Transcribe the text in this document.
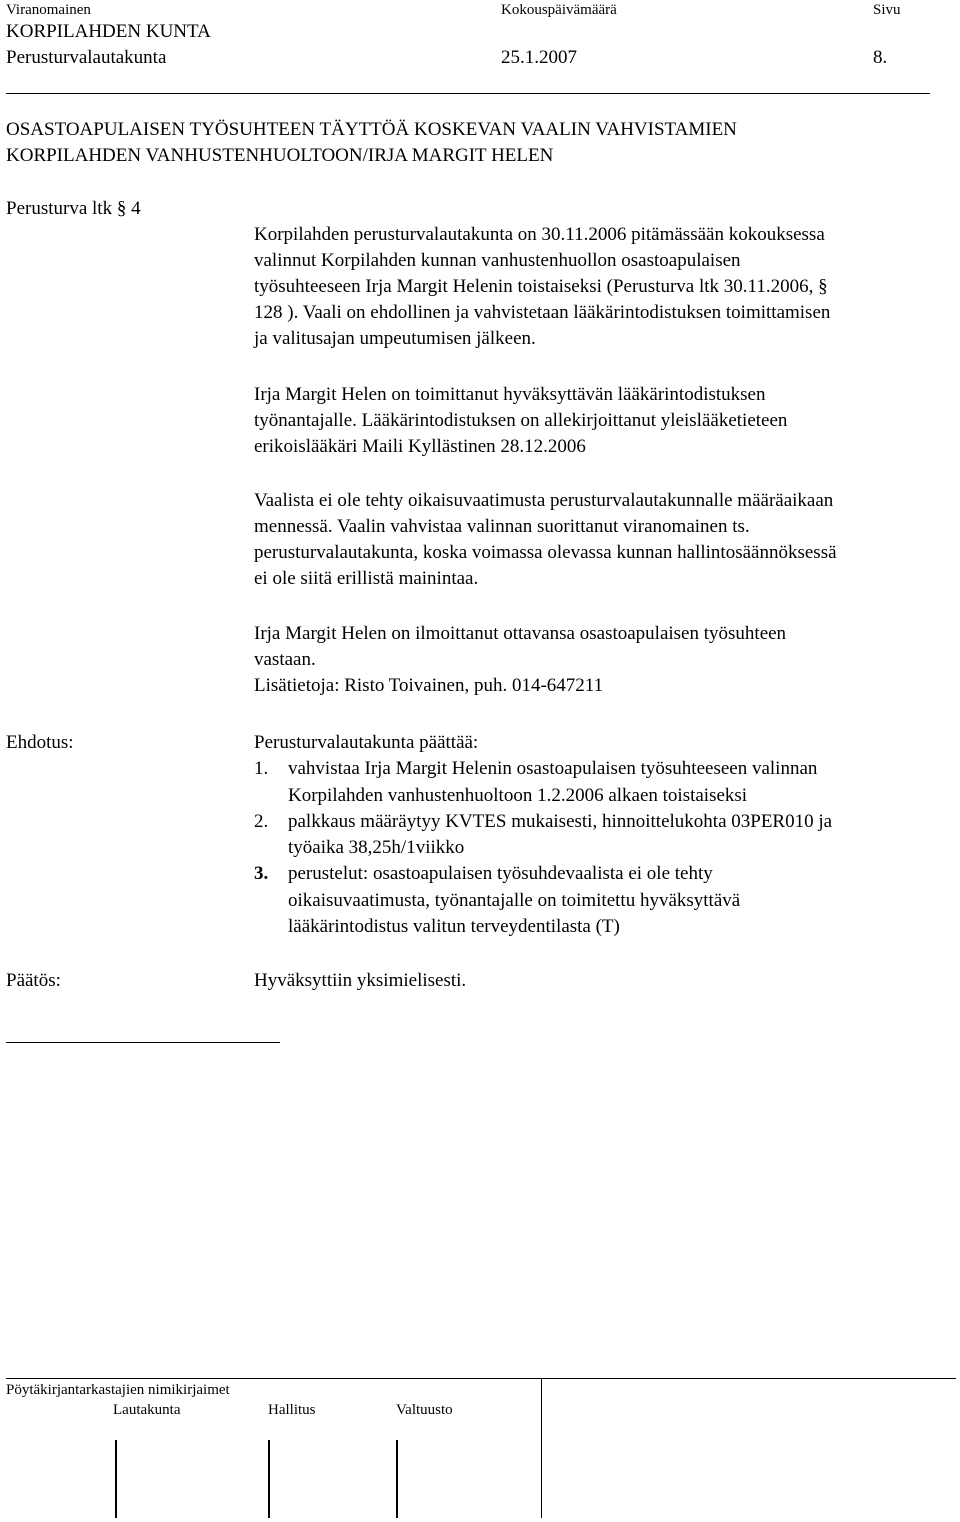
Viranomainen	Kokouspäivämäärä	Sivu
KORPILAHDEN KUNTA
Perusturvalautakunta	25.1.2007	8.
OSASTOAPULAISEN TYÖSUHTEEN TÄYTTÖÄ KOSKEVAN VAALIN VAHVISTAMIEN
KORPILAHDEN VANHUSTENHUOLTOON/IRJA MARGIT HELEN
Perusturva ltk § 4
Korpilahden perusturvalautakunta on 30.11.2006 pitämässään kokouksessa
valinnut Korpilahden kunnan vanhustenhuollon osastoapulaisen
työsuhteeseen Irja Margit Helenin toistaiseksi (Perusturva ltk 30.11.2006, §
128 ). Vaali on ehdollinen ja vahvistetaan lääkärintodistuksen toimittamisen
ja valitusajan umpeutumisen jälkeen.
Irja Margit Helen on toimittanut hyväksyttävän lääkärintodistuksen
työnantajalle. Lääkärintodistuksen on allekirjoittanut yleislääketieteen
erikoislääkäri Maili Kyllästinen 28.12.2006
Vaalista ei ole tehty oikaisuvaatimusta perusturvalautakunnalle määräaikaan
mennessä. Vaalin vahvistaa valinnan suorittanut viranomainen ts.
perusturvalautakunta, koska voimassa olevassa kunnan hallintosäännöksessä
ei ole siitä erillistä mainintaa.
Irja Margit Helen on ilmoittanut ottavansa osastoapulaisen työsuhteen
vastaan.
Lisätietoja: Risto Toivainen, puh. 014-647211
Ehdotus:	Perusturvalautakunta päättää:
1. vahvistaa Irja Margit Helenin osastoapulaisen työsuhteeseen valinnan
Korpilahden vanhustenhuoltoon 1.2.2006 alkaen toistaiseksi
2. palkkaus määräytyy KVTES mukaisesti, hinnoittelukohta 03PER010 ja
työaika 38,25h/1viikko
3. perustelut: osastoapulaisen työsuhdevaalista ei ole tehty
oikaisuvaatimusta, työnantajalle on toimitettu hyväksyttävä
lääkärintodistus valitun terveydentilasta (T)
Päätös:	Hyväksyttiin yksimielisesti.
Pöytäkirjantarkastajien nimikirjaimet
Lautakunta	Hallitus	Valtuusto
